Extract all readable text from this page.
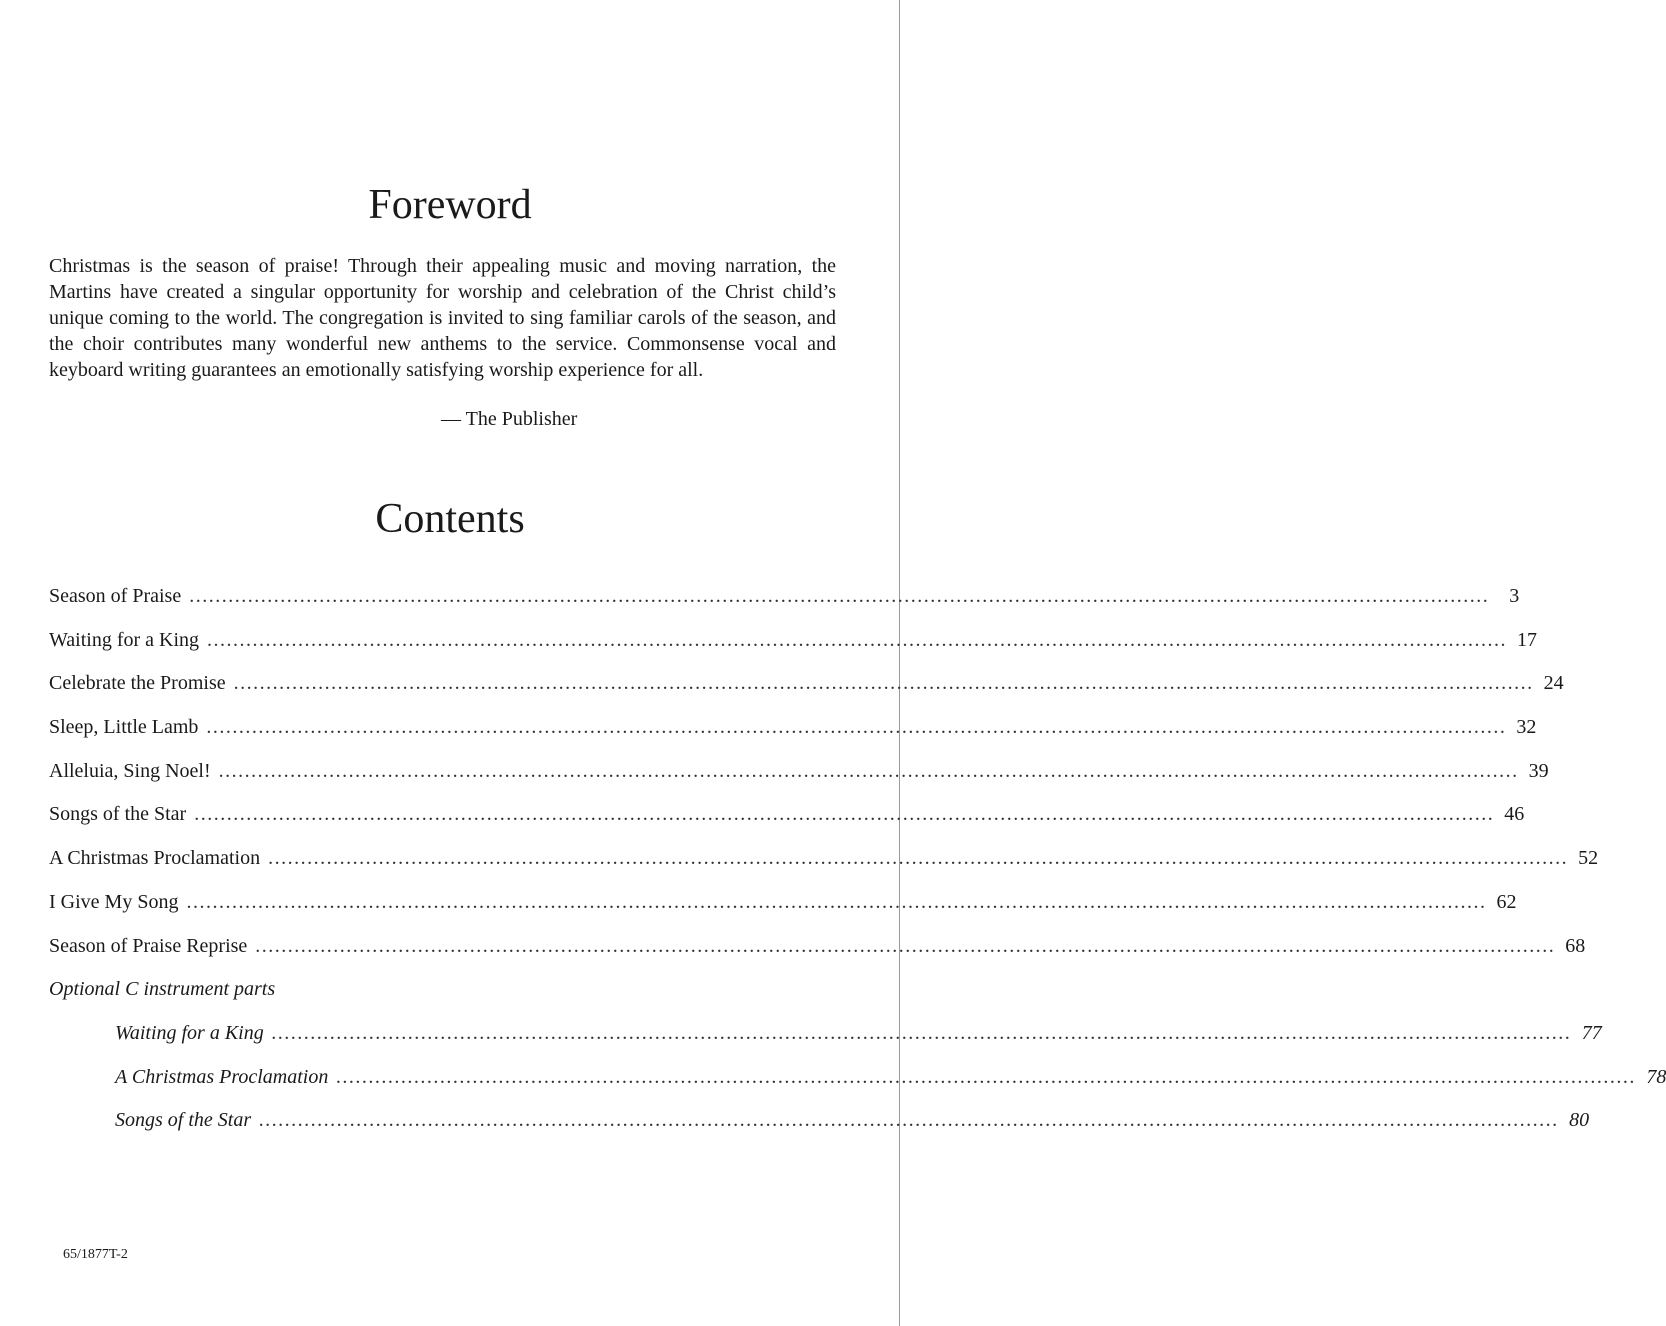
Foreword

Christmas is the season of praise! Through their appealing music and moving narration, the Martins have created a singular opportunity for worship and celebration of the Christ child’s unique coming to the world. The congregation is invited to sing familiar carols of the season, and the choir contributes many wonderful new anthems to the service. Commonsense vocal and keyboard writing guarantees an emotionally satisfying worship experience for all.

— The Publisher

Contents
Season of Praise ........................................................................................................................................................................................................	3
Waiting for a King ........................................................................................................................................................................................................ 17
Celebrate the Promise ........................................................................................................................................................................................................ 24
Sleep, Little Lamb ........................................................................................................................................................................................................ 32
Alleluia, Sing Noel! ........................................................................................................................................................................................................ 39
Songs of the Star ........................................................................................................................................................................................................ 46
A Christmas Proclamation ........................................................................................................................................................................................................ 52
I Give My Song ........................................................................................................................................................................................................ 62
Season of Praise Reprise ........................................................................................................................................................................................................ 68
Optional C instrument parts
Waiting for a King ........................................................................................................................................................................................................ 77
A Christmas Proclamation ........................................................................................................................................................................................................ 78
Songs of the Star ........................................................................................................................................................................................................ 80

65/1877T-2
